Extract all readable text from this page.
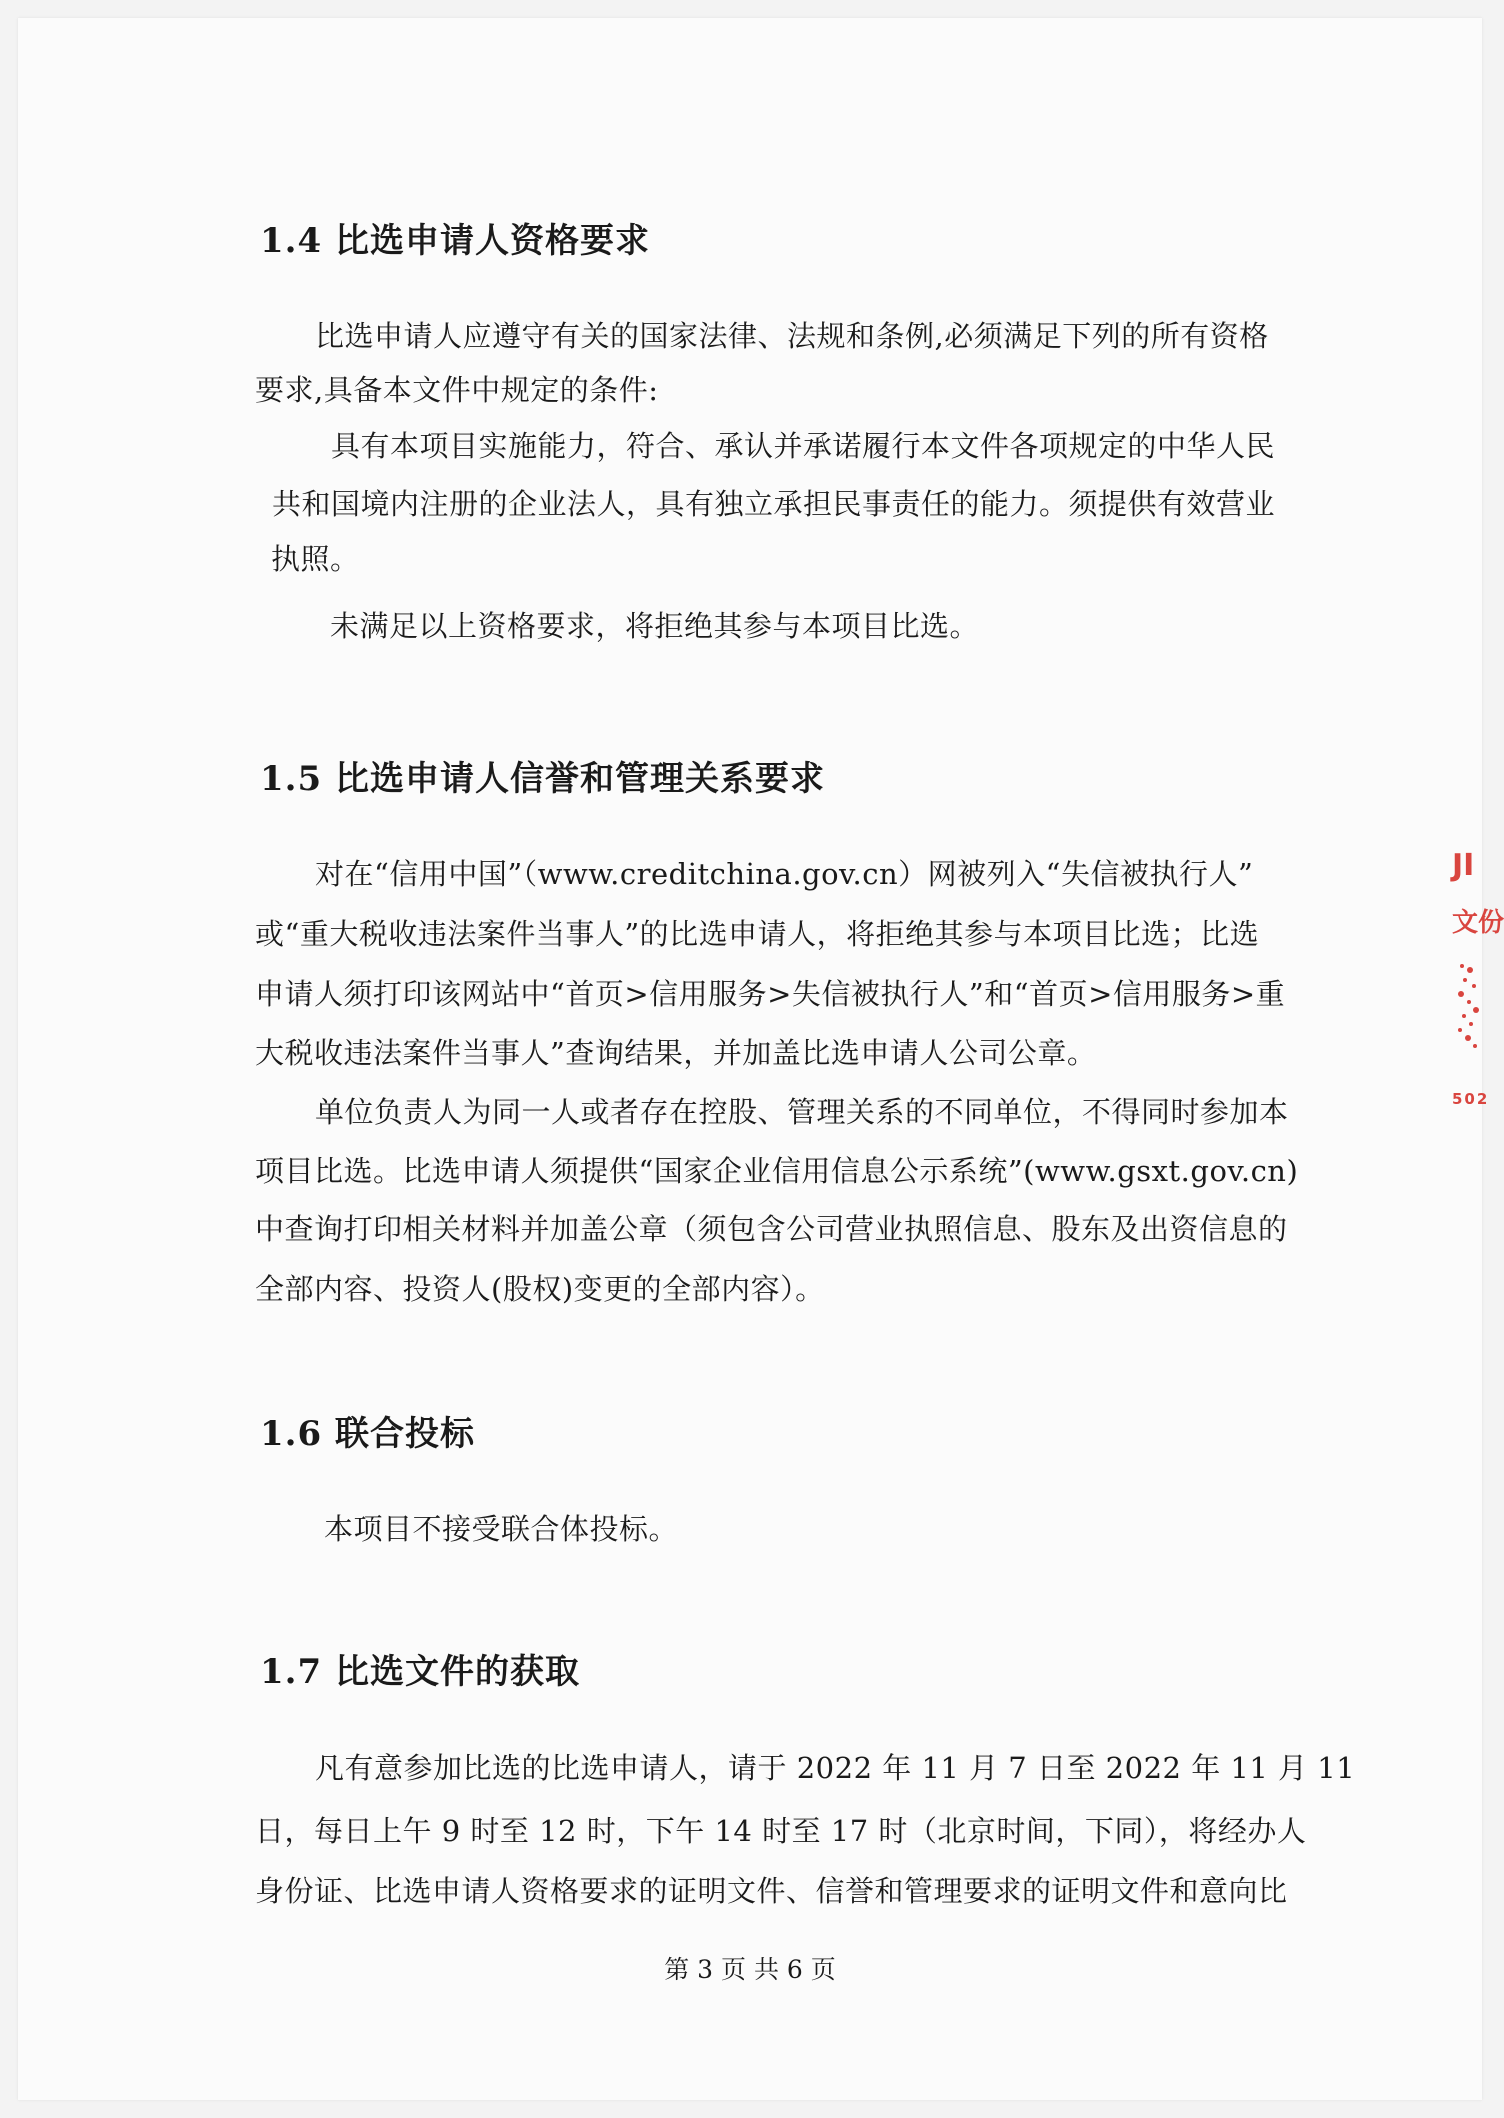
1.4 比选申请人资格要求

比选申请人应遵守有关的国家法律、法规和条例,必须满足下列的所有资格

要求,具备本文件中规定的条件:

具有本项目实施能力，符合、承认并承诺履行本文件各项规定的中华人民

共和国境内注册的企业法人，具有独立承担民事责任的能力。须提供有效营业

执照。

未满足以上资格要求，将拒绝其参与本项目比选。

1.5 比选申请人信誉和管理关系要求

对在“信用中国”（www.creditchina.gov.cn）网被列入“失信被执行人”

或“重大税收违法案件当事人”的比选申请人，将拒绝其参与本项目比选；比选

申请人须打印该网站中“首页>信用服务>失信被执行人”和“首页>信用服务>重

大税收违法案件当事人”查询结果，并加盖比选申请人公司公章。

单位负责人为同一人或者存在控股、管理关系的不同单位，不得同时参加本

项目比选。比选申请人须提供“国家企业信用信息公示系统”(www.gsxt.gov.cn)

中查询打印相关材料并加盖公章（须包含公司营业执照信息、股东及出资信息的

全部内容、投资人(股权)变更的全部内容）。

1.6 联合投标

本项目不接受联合体投标。

1.7 比选文件的获取

凡有意参加比选的比选申请人，请于 2022 年 11 月 7 日至 2022 年 11 月 11

日，每日上午 9 时至 12 时，下午 14 时至 17 时（北京时间，下同），将经办人

身份证、比选申请人资格要求的证明文件、信誉和管理要求的证明文件和意向比

第 3 页 共 6 页
JI
文份
502
